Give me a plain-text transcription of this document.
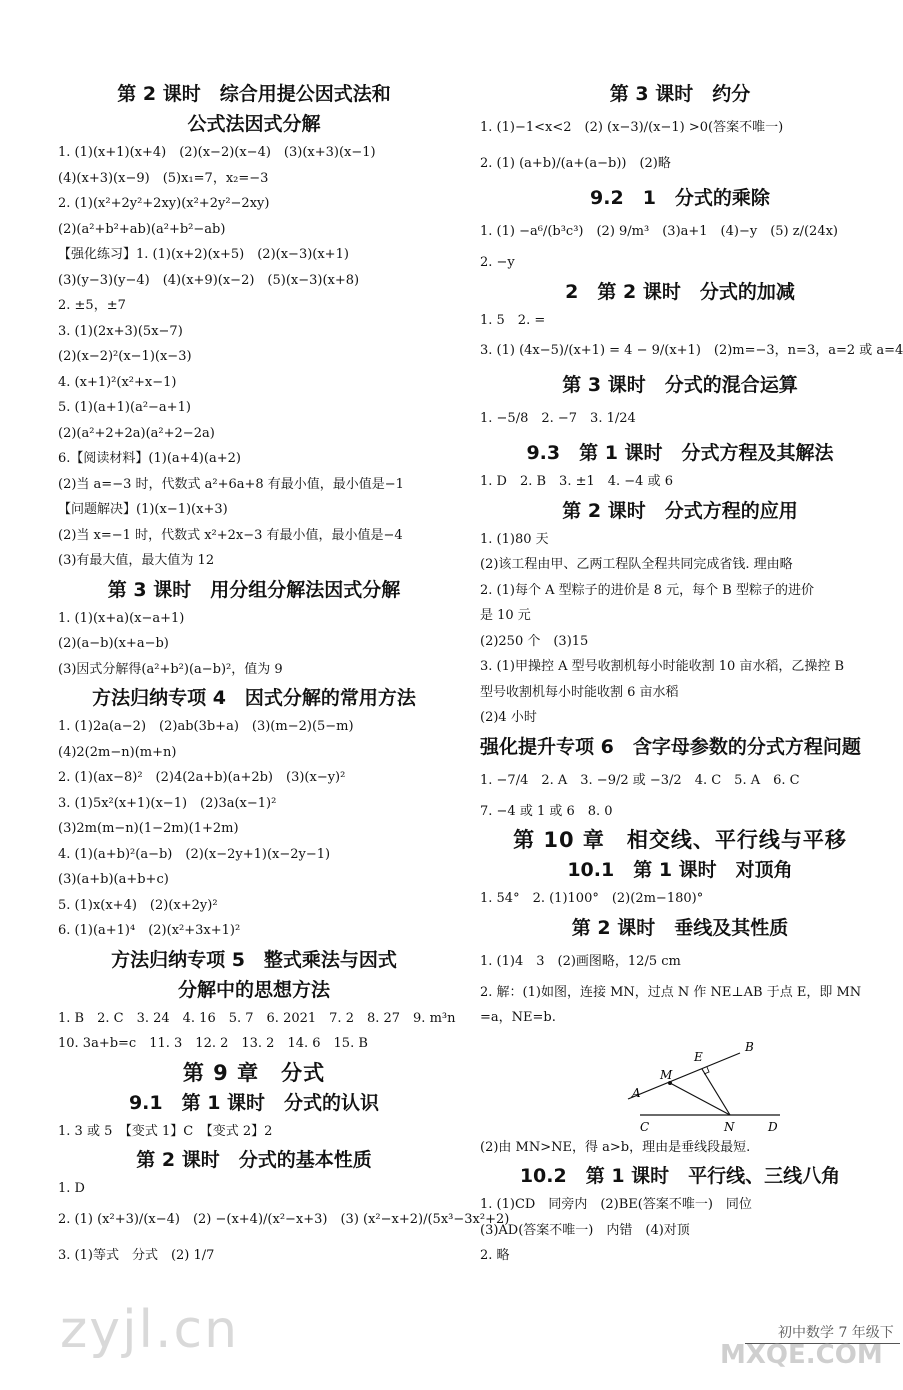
第 2 课时　综合用提公因式法和
公式法因式分解
1. (1)(x+1)(x+4)　(2)(x−2)(x−4)　(3)(x+3)(x−1)
(4)(x+3)(x−9)　(5)x₁=7，x₂=−3
2. (1)(x²+2y²+2xy)(x²+2y²−2xy)
(2)(a²+b²+ab)(a²+b²−ab)
【强化练习】1. (1)(x+2)(x+5)　(2)(x−3)(x+1)
(3)(y−3)(y−4)　(4)(x+9)(x−2)　(5)(x−3)(x+8)
2. ±5，±7
3. (1)(2x+3)(5x−7)
(2)(x−2)²(x−1)(x−3)
4. (x+1)²(x²+x−1)
5. (1)(a+1)(a²−a+1)
(2)(a²+2+2a)(a²+2−2a)
6.【阅读材料】(1)(a+4)(a+2)
(2)当 a=−3 时，代数式 a²+6a+8 有最小值，最小值是−1
【问题解决】(1)(x−1)(x+3)
(2)当 x=−1 时，代数式 x²+2x−3 有最小值，最小值是−4
(3)有最大值，最大值为 12
第 3 课时　用分组分解法因式分解
1. (1)(x+a)(x−a+1)
(2)(a−b)(x+a−b)
(3)因式分解得(a²+b²)(a−b)²，值为 9
方法归纳专项 4　因式分解的常用方法
1. (1)2a(a−2)　(2)ab(3b+a)　(3)(m−2)(5−m)
(4)2(2m−n)(m+n)
2. (1)(ax−8)²　(2)4(2a+b)(a+2b)　(3)(x−y)²
3. (1)5x²(x+1)(x−1)　(2)3a(x−1)²
(3)2m(m−n)(1−2m)(1+2m)
4. (1)(a+b)²(a−b)　(2)(x−2y+1)(x−2y−1)
(3)(a+b)(a+b+c)
5. (1)x(x+4)　(2)(x+2y)²
6. (1)(a+1)⁴　(2)(x²+3x+1)²
方法归纳专项 5　整式乘法与因式
分解中的思想方法
1. B　2. C　3. 24　4. 16　5. 7　6. 2021　7. 2　8. 27　9. m³n
10. 3a+b=c　11. 3　12. 2　13. 2　14. 6　15. B
第 9 章　分式
9.1　第 1 课时　分式的认识
1. 3 或 5　【变式 1】C　【变式 2】2
第 2 课时　分式的基本性质
1. D
2. (1) (x²+3)/(x−4)　(2) −(x+4)/(x²−x+3)　(3) (x²−x+2)/(5x³−3x²+2)
3. (1)等式　分式　(2) 1/7
第 3 课时　约分
1. (1)−1<x<2　(2) (x−3)/(x−1) >0(答案不唯一)
2. (1) (a+b)/(a+(a−b))　(2)略
9.2　1　分式的乘除
1. (1) −a⁶/(b³c³)　(2) 9/m³　(3)a+1　(4)−y　(5) z/(24x)
2. −y
2　第 2 课时　分式的加减
1. 5　2. =
3. (1) (4x−5)/(x+1) = 4 − 9/(x+1)　(2)m=−3，n=3，a=2 或 a=4
第 3 课时　分式的混合运算
1. −5/8　2. −7　3. 1/24
9.3　第 1 课时　分式方程及其解法
1. D　2. B　3. ±1　4. −4 或 6
第 2 课时　分式方程的应用
1. (1)80 天
(2)该工程由甲、乙两工程队全程共同完成省钱. 理由略
2. (1)每个 A 型粽子的进价是 8 元，每个 B 型粽子的进价
是 10 元
(2)250 个　(3)15
3. (1)甲操控 A 型号收割机每小时能收割 10 亩水稻，乙操控 B
型号收割机每小时能收割 6 亩水稻
(2)4 小时
强化提升专项 6　含字母参数的分式方程问题
1. −7/4　2. A　3. −9/2 或 −3/2　4. C　5. A　6. C
7. −4 或 1 或 6　8. 0
第 10 章　相交线、平行线与平移
10.1　第 1 课时　对顶角
1. 54°　2. (1)100°　(2)(2m−180)°
第 2 课时　垂线及其性质
1. (1)4　3　(2)画图略，12/5 cm
2. 解：(1)如图，连接 MN，过点 N 作 NE⊥AB 于点 E，即 MN
=a，NE=b.
A
B
C	D
M
E
N
(2)由 MN>NE，得 a>b，理由是垂线段最短.
10.2　第 1 课时　平行线、三线八角
1. (1)CD　同旁内　(2)BE(答案不唯一)　同位
(3)AD(答案不唯一)　内错　(4)对顶
2. 略
zyjl.cn	初中数学 7 年级下
MXQE.COM
